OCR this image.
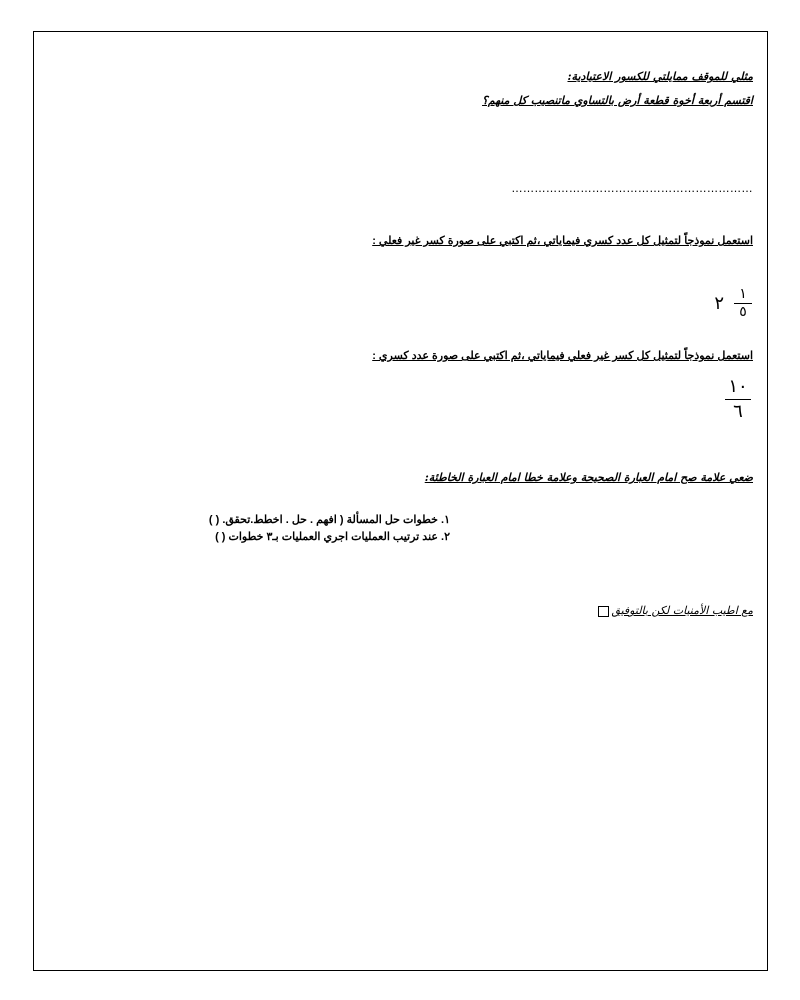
مثلي للموقف ممايلتي للكسور الاعتيادية:
اقتسم أربعة أخوة قطعة أرض بالتساوي ماتنصيب كل منهم؟
………………………………………………………
استعمل نموذجاً لتمثيل كل عدد كسري فيماياتي ،ثم اكتبي على صورة كسر غير فعلي :
٢ $\frac{١}{٥}$
استعمل نموذجاً لتمثيل كل كسر غير فعلي فيماياتي ،ثم اكتبي على صورة عدد كسري :
١٠
٦
ضعي علامة صح امام العبارة الصحيحة وعلامة خطا امام العبارة الخاطئة:
١. خطوات حل المسألة ( افهم . حل . اخطط.تحقق. ( )
٢. عند ترتيب العمليات اجري العمليات بـ٣ خطوات ( )
مع اطيب الأمنيات لكن بالتوفيق
